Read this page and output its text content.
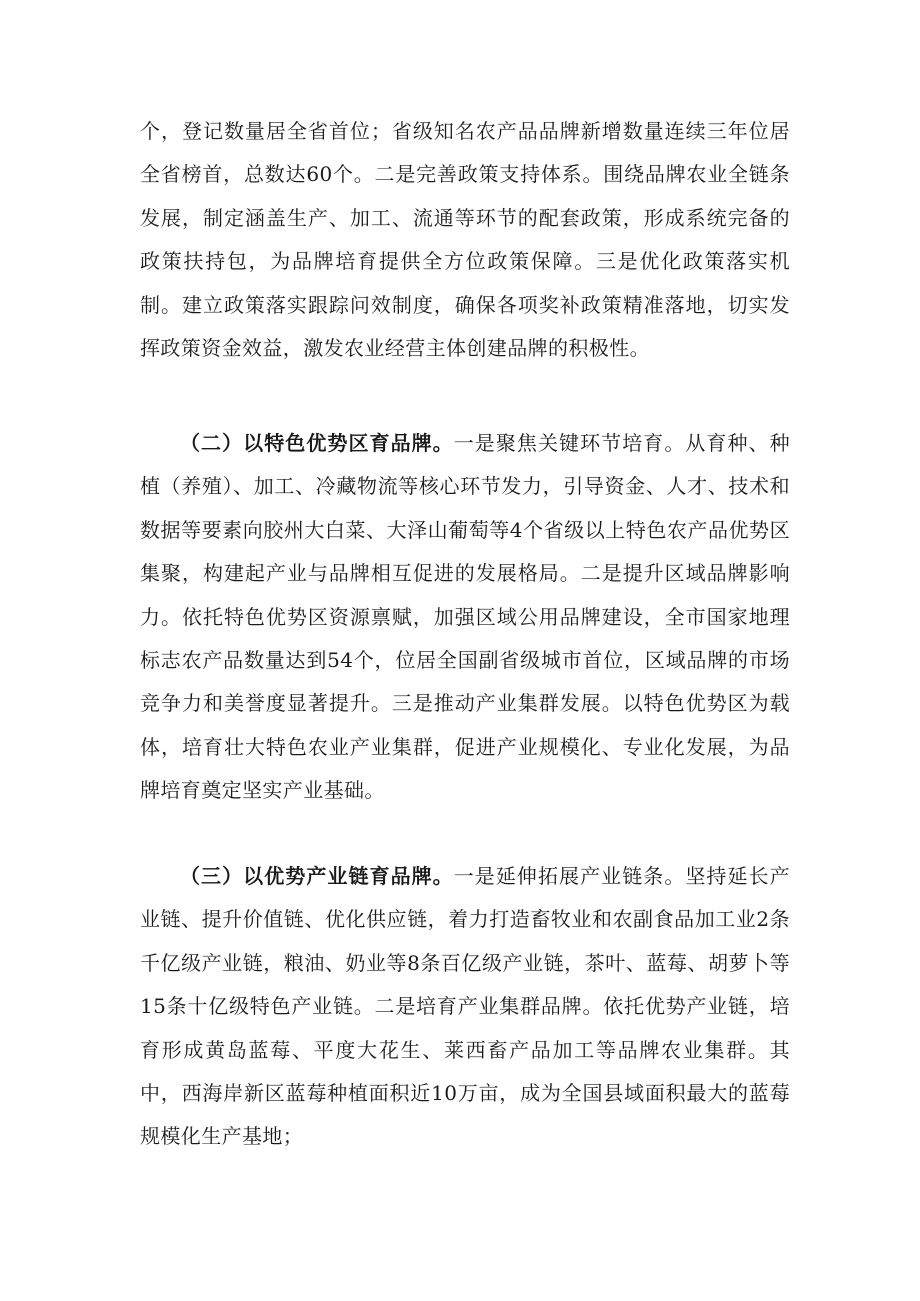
个，登记数量居全省首位；省级知名农产品品牌新增数量连续三年位居全省榜首，总数达60个。二是完善政策支持体系。围绕品牌农业全链条发展，制定涵盖生产、加工、流通等环节的配套政策，形成系统完备的政策扶持包，为品牌培育提供全方位政策保障。三是优化政策落实机制。建立政策落实跟踪问效制度，确保各项奖补政策精准落地，切实发挥政策资金效益，激发农业经营主体创建品牌的积极性。

（二）以特色优势区育品牌。一是聚焦关键环节培育。从育种、种植（养殖）、加工、冷藏物流等核心环节发力，引导资金、人才、技术和数据等要素向胶州大白菜、大泽山葡萄等4个省级以上特色农产品优势区集聚，构建起产业与品牌相互促进的发展格局。二是提升区域品牌影响力。依托特色优势区资源禀赋，加强区域公用品牌建设，全市国家地理标志农产品数量达到54个，位居全国副省级城市首位，区域品牌的市场竞争力和美誉度显著提升。三是推动产业集群发展。以特色优势区为载体，培育壮大特色农业产业集群，促进产业规模化、专业化发展，为品牌培育奠定坚实产业基础。

（三）以优势产业链育品牌。一是延伸拓展产业链条。坚持延长产业链、提升价值链、优化供应链，着力打造畜牧业和农副食品加工业2条千亿级产业链，粮油、奶业等8条百亿级产业链，茶叶、蓝莓、胡萝卜等15条十亿级特色产业链。二是培育产业集群品牌。依托优势产业链，培育形成黄岛蓝莓、平度大花生、莱西畜产品加工等品牌农业集群。其中，西海岸新区蓝莓种植面积近10万亩，成为全国县域面积最大的蓝莓规模化生产基地；
